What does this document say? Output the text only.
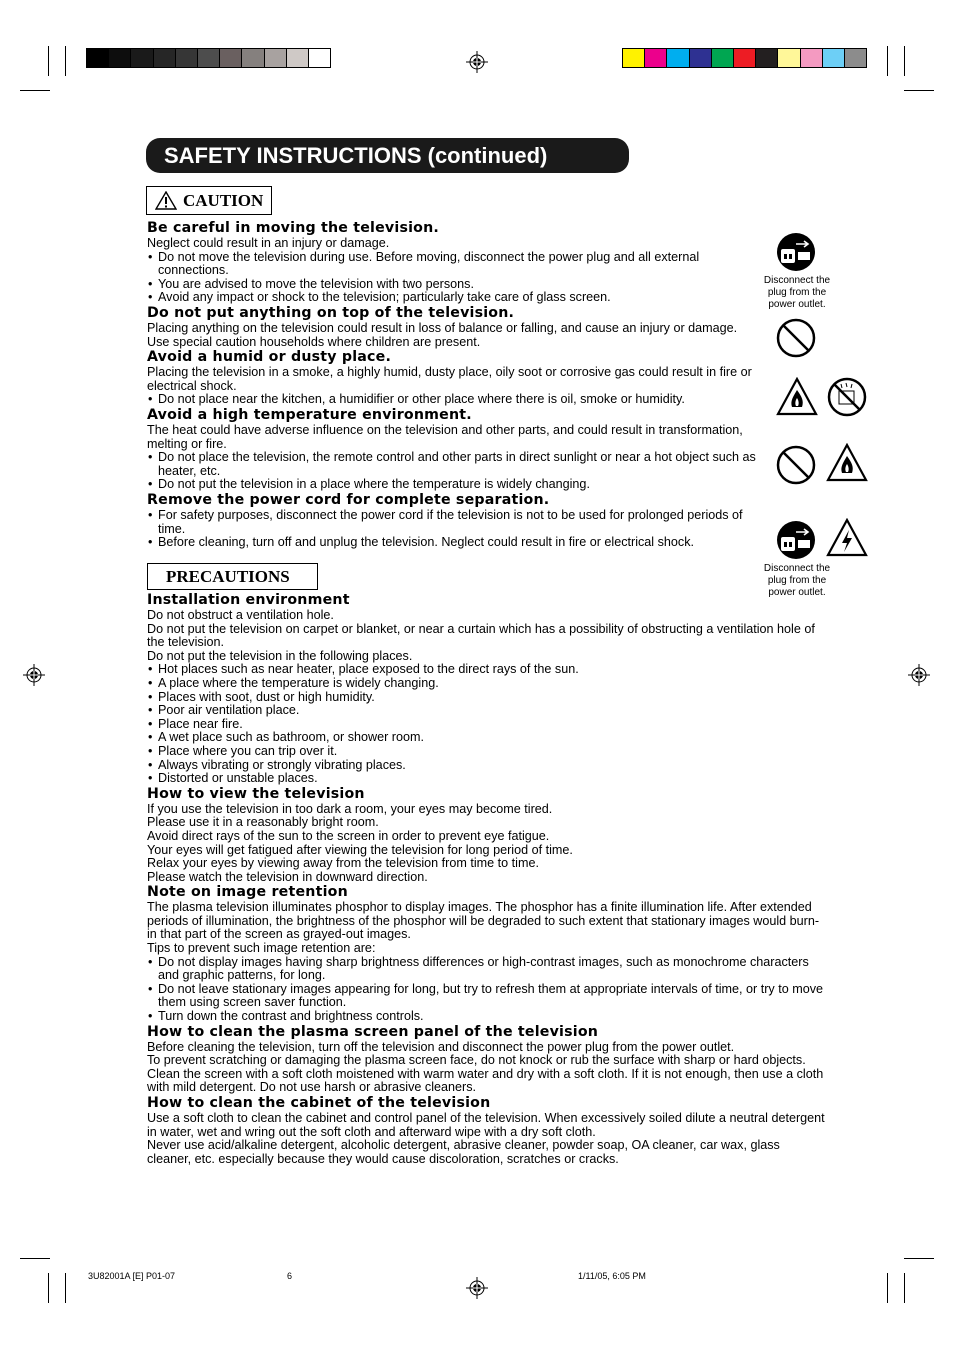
SAFETY INSTRUCTIONS (continued)
CAUTION
Be careful in moving the television.

Neglect could result in an injury or damage.

• Do not move the television during use. Before moving, disconnect the power plug and all external connections.
• You are advised to move the television with two persons.
• Avoid any impact or shock to the television; particularly take care of glass screen.
Do not put anything on top of the television.

Placing anything on the television could result in loss of balance or falling, and cause an injury or damage. Use special caution households where children are present.

Avoid a humid or dusty place.

Placing the television in a smoke, a highly humid, dusty place, oily soot or corrosive gas could result in fire or electrical shock.

• Do not place near the kitchen, a humidifier or other place where there is oil, smoke or humidity.
Avoid a high temperature environment.

The heat could have adverse influence on the television and other parts, and could result in transformation, melting or fire.

• Do not place the television, the remote control and other parts in direct sunlight or near a hot object such as heater, etc.
• Do not put the television in a place where the temperature is widely changing.
Remove the power cord for complete separation.
• For safety purposes, disconnect the power cord if the television is not to be used for prolonged periods of time.
• Before cleaning, turn off and unplug the television. Neglect could result in fire or electrical shock.
PRECAUTIONS
Installation environment

Do not obstruct a ventilation hole.

Do not put the television on carpet or blanket, or near a curtain which has a possibility of obstructing a ventilation hole of the television.

Do not put the television in the following places.

• Hot places such as near heater, place exposed to the direct rays of the sun.
• A place where the temperature is widely changing.
• Places with soot, dust or high humidity.
• Poor air ventilation place.
• Place near fire.
• A wet place such as bathroom, or shower room.
• Place where you can trip over it.
• Always vibrating or strongly vibrating places.
• Distorted or unstable places.
How to view the television

If you use the television in too dark a room, your eyes may become tired.

Please use it in a reasonably bright room.

Avoid direct rays of the sun to the screen in order to prevent eye fatigue.

Your eyes will get fatigued after viewing the television for long period of time.

Relax your eyes by viewing away from the television from time to time.

Please watch the television in downward direction.

Note on image retention

The plasma television illuminates phosphor to display images. The phosphor has a finite illumination life. After extended periods of illumination, the brightness of the phosphor will be degraded to such extent that stationary images would burn-in that part of the screen as grayed-out images.

Tips to prevent such image retention are:

• Do not display images having sharp brightness differences or high-contrast images, such as monochrome characters and graphic patterns, for long.
• Do not leave stationary images appearing for long, but try to refresh them at appropriate intervals of time, or try to move them using screen saver function.
• Turn down the contrast and brightness controls.
How to clean the plasma screen panel of the television

Before cleaning the television, turn off the television and disconnect the power plug from the power outlet.

To prevent scratching or damaging the plasma screen face, do not knock or rub the surface with sharp or hard objects. Clean the screen with a soft cloth moistened with warm water and dry with a soft cloth. If it is not enough, then use a cloth with mild detergent. Do not use harsh or abrasive cleaners.

How to clean the cabinet of the television

Use a soft cloth to clean the cabinet and control panel of the television. When excessively soiled dilute a neutral detergent in water, wet and wring out the soft cloth and afterward wipe with a dry soft cloth.

Never use acid/alkaline detergent, alcoholic detergent, abrasive cleaner, powder soap, OA cleaner, car wax, glass cleaner, etc. especially because they would cause discoloration, scratches or cracks.

Disconnect the plug from the power outlet.
Disconnect the plug from the power outlet.
3U82001A [E] P01-07	6	1/11/05, 6:05 PM
